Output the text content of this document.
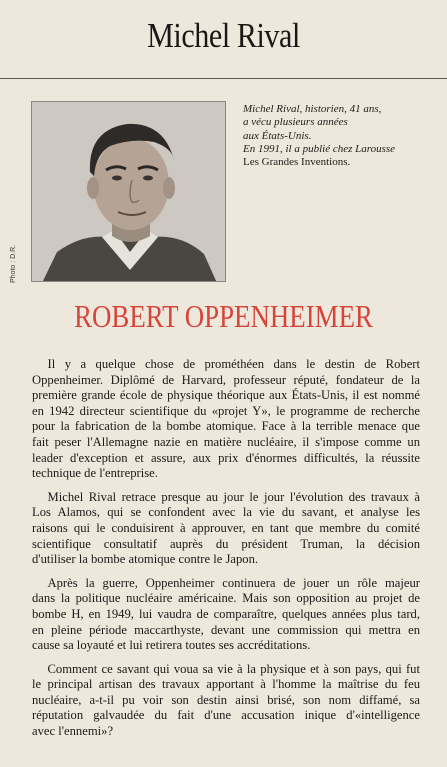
Michel Rival
Photo : D.R.
Michel Rival, historien, 41 ans,
a vécu plusieurs années
aux États-Unis.
En 1991, il a publié chez Larousse
Les Grandes Inventions.
ROBERT OPPENHEIMER
Il y a quelque chose de prométhéen dans le destin de Robert
Oppenheimer. Diplômé de Harvard, professeur réputé, fondateur de la
première grande école de physique théorique aux États-Unis, il est nommé
en 1942 directeur scientifique du «projet Y», le programme de recherche
pour la fabrication de la bombe atomique. Face à la terrible menace que
fait peser l'Allemagne nazie en matière nucléaire, il s'impose comme un
leader d'exception et assure, aux prix d'énormes difficultés, la réussite
technique de l'entreprise.
Michel Rival retrace presque au jour le jour l'évolution des travaux à
Los Alamos, qui se confondent avec la vie du savant, et analyse les
raisons qui le conduisirent à approuver, en tant que membre du comité
scientifique consultatif auprès du président Truman, la décision
d'utiliser la bombe atomique contre le Japon.
Après la guerre, Oppenheimer continuera de jouer un rôle majeur
dans la politique nucléaire américaine. Mais son opposition au projet de
bombe H, en 1949, lui vaudra de comparaître, quelques années plus tard,
en pleine période maccarthyste, devant une commission qui mettra en
cause sa loyauté et lui retirera toutes ses accréditations.
Comment ce savant qui voua sa vie à la physique et à son pays, qui fut
le principal artisan des travaux apportant à l'homme la maîtrise du feu
nucléaire, a-t-il pu voir son destin ainsi brisé, son nom diffamé, sa
réputation galvaudée du fait d'une accusation inique d'«intelligence
avec l'ennemi»?
